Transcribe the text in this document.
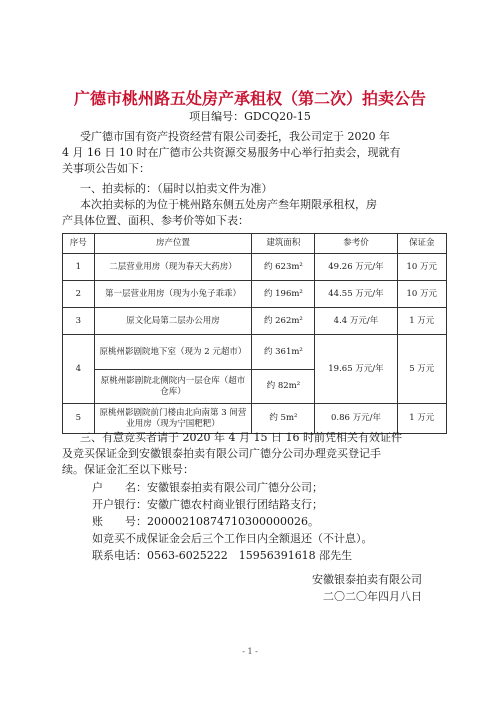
广德市桃州路五处房产承租权（第二次）拍卖公告
项目编号：GDCQ20-15
受广德市国有资产投资经营有限公司委托，我公司定于 2020 年
4 月 16 日 10 时在广德市公共资源交易服务中心举行拍卖会，现就有
关事项公告如下：
一、拍卖标的：（届时以拍卖文件为准）
本次拍卖标的为位于桃州路东侧五处房产叁年期限承租权，房
产具体位置、面积、参考价等如下表：
序号	房产位置	建筑面积	参考价	保证金
1	二层营业用房（现为春天大药房）	约 623m²	49.26 万元/年	10 万元
2	第一层营业用房（现为小兔子乖乖）	约 196m²	44.55 万元/年	10 万元
3	原文化局第二层办公用房	约 262m²	4.4 万元/年	1 万元
4	原桃州影剧院地下室（现为 2 元超市）	约 361m²	19.65 万元/年	5 万元
	原桃州影剧院北侧院内一层仓库（超市仓库）	约 82m²		
5	原桃州影剧院前门楼由北向南第 3 间营业用房（现为宁国粑粑）	约 5m²	0.86 万元/年	1 万元
三、有意竞买者请于 2020 年 4 月 15 日 16 时前凭相关有效证件
及竞买保证金到安徽银泰拍卖有限公司广德分公司办理竞买登记手
续。保证金汇至以下账号：
户　　名：安徽银泰拍卖有限公司广德分公司；
开户银行：安徽广德农村商业银行团结路支行；
账　　号：20000210874710300000026。
如竞买不成保证金会后三个工作日内全额退还（不计息）。
联系电话：0563-6025222　15956391618 邵先生
安徽银泰拍卖有限公司
二〇二〇年四月八日
- 1 -
